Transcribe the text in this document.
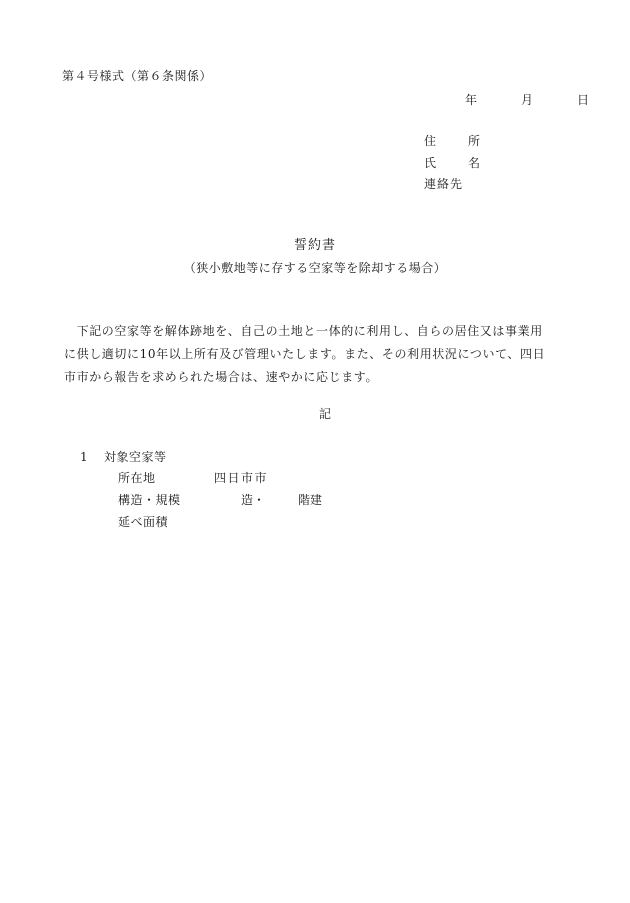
第４号様式（第６条関係）
年	月	日
住　所
氏　名
連絡先
誓約書
（狭小敷地等に存する空家等を除却する場合）
　下記の空家等を解体跡地を、自己の土地と一体的に利用し、自らの居住又は事業用
に供し適切に10年以上所有及び管理いたします。また、その利用状況について、四日
市市から報告を求められた場合は、速やかに応じます。
記
1 対象空家等
所在地	四日市市
構造・規模	造・	階建
延べ面積
